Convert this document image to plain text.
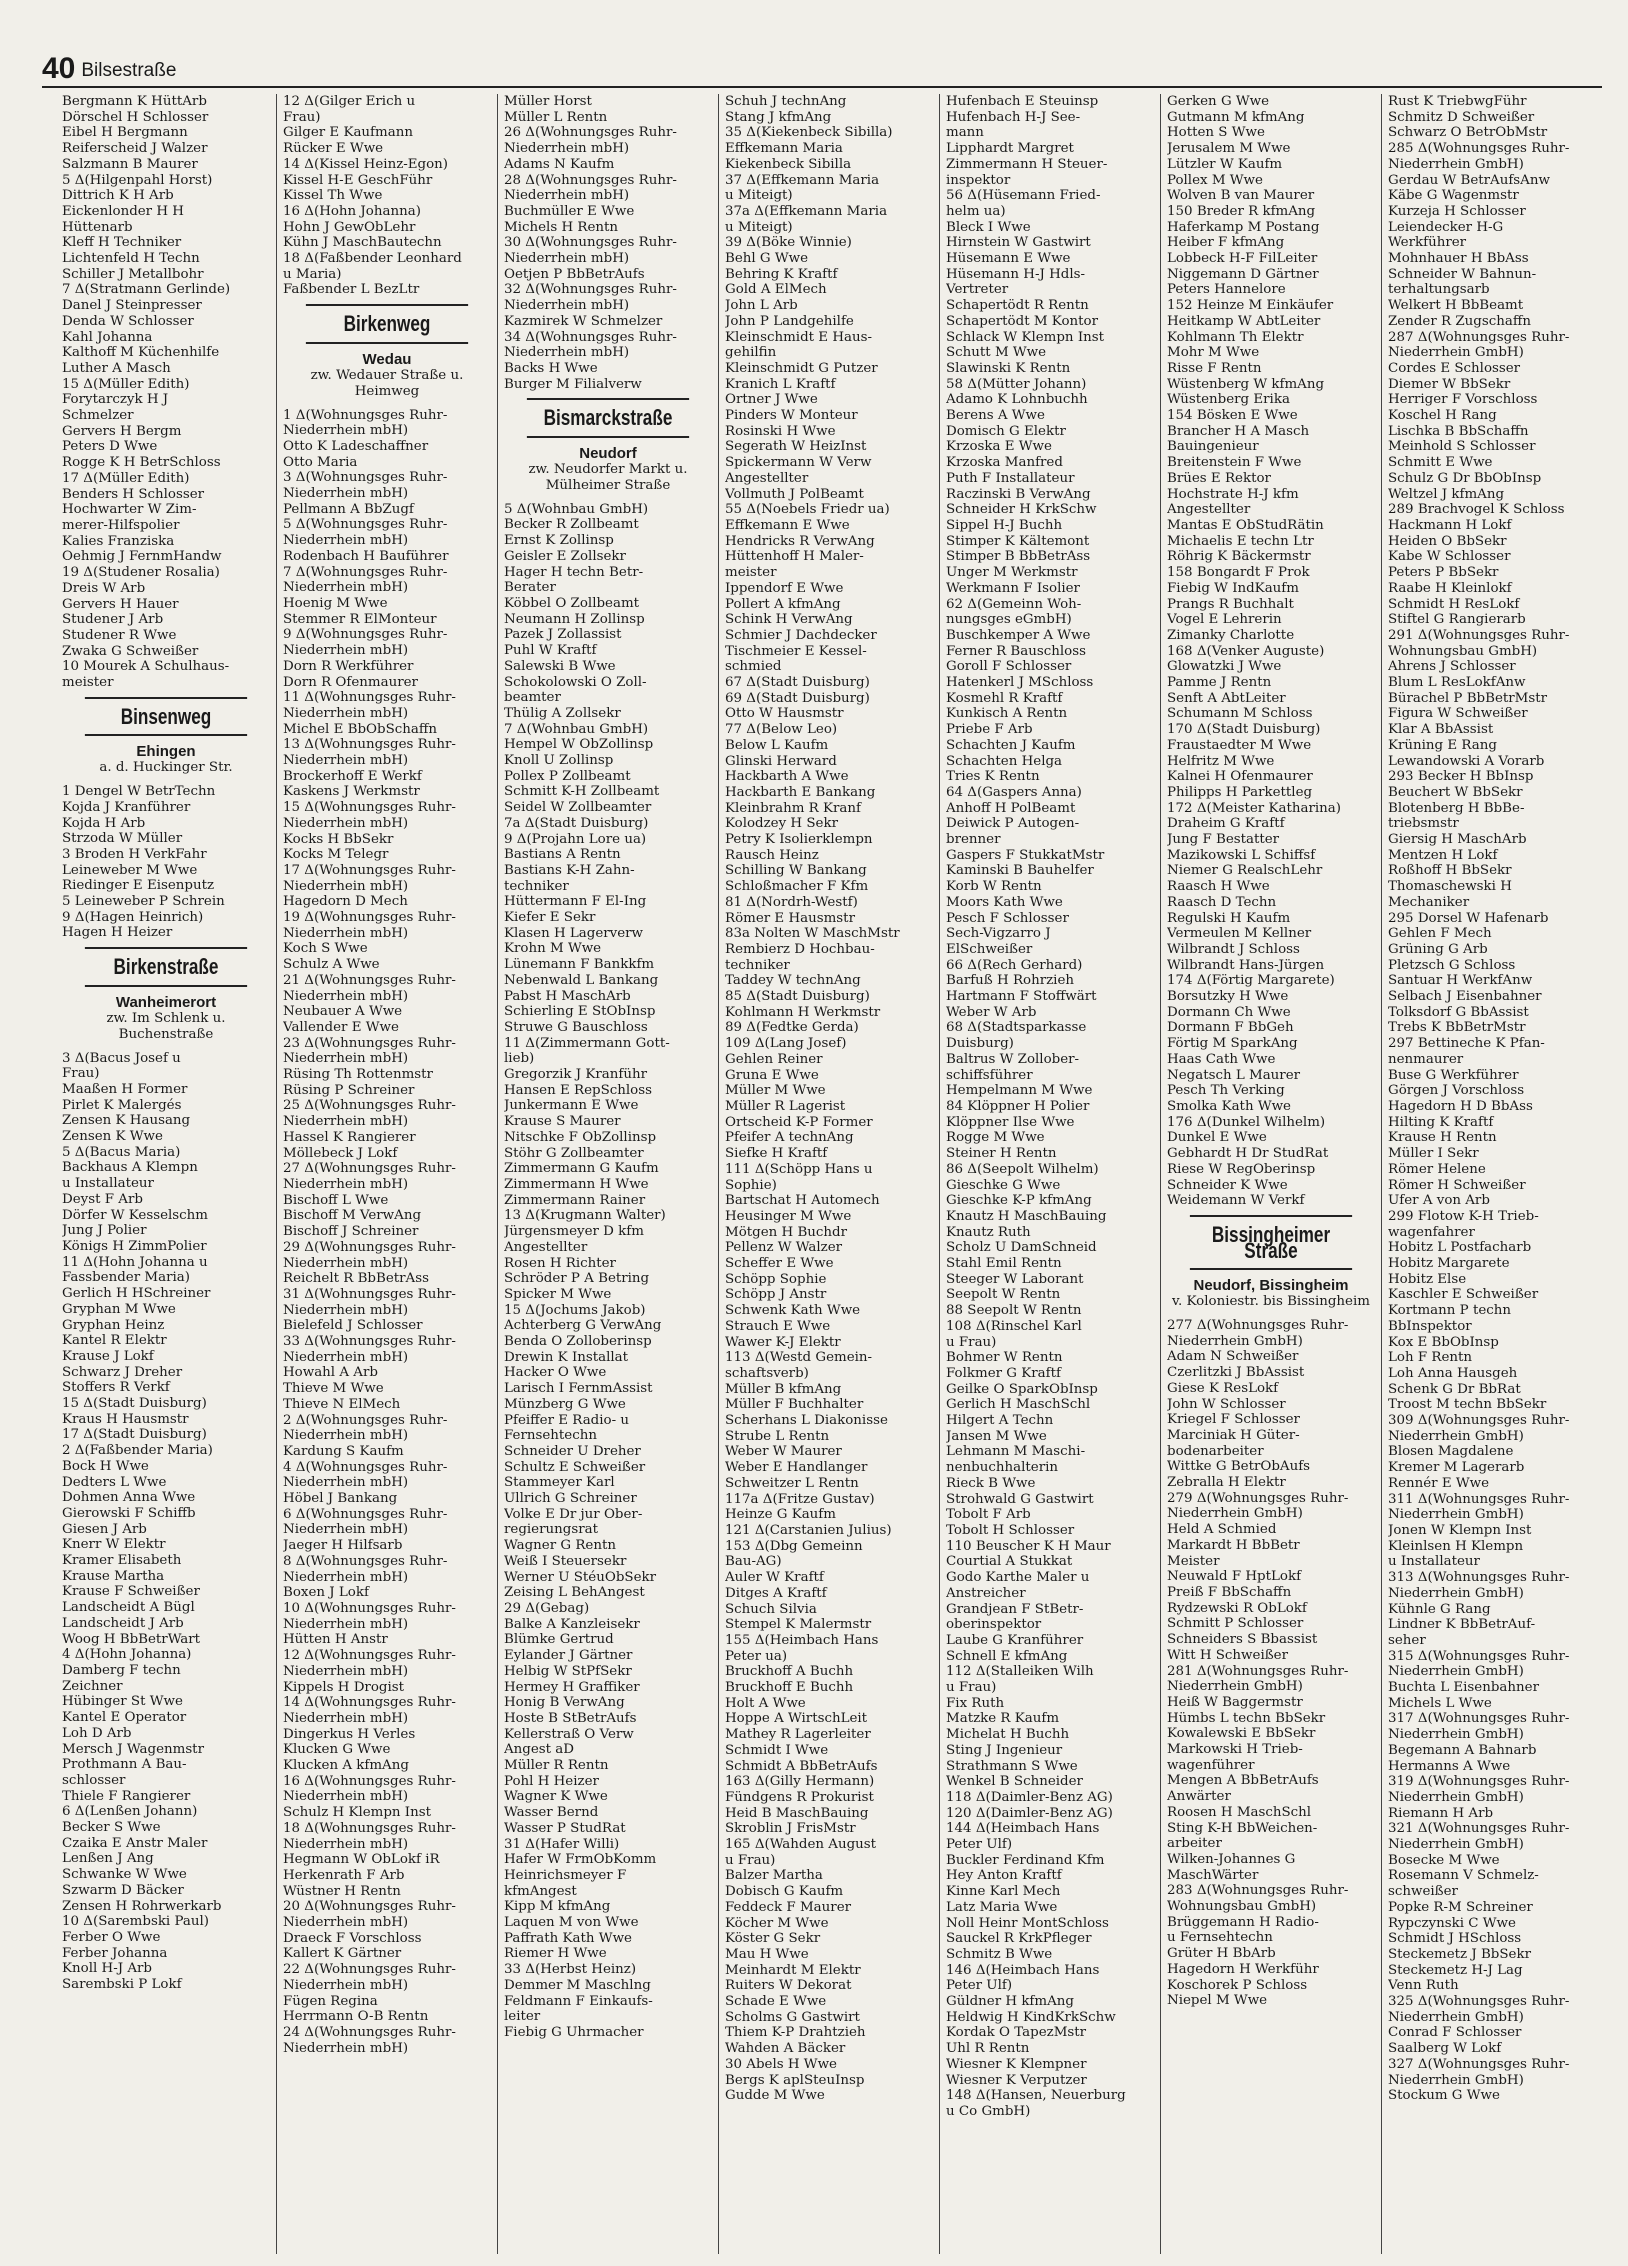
40 Bilsestraße
Bergmann K HüttArb
Dörschel H Schlosser
Eibel H Bergmann
Reiferscheid J Walzer
Salzmann B Maurer
5 Δ(Hilgenpahl Horst)
Dittrich K H Arb
Eickenlonder H H
Hüttenarb
Kleff H Techniker
Lichtenfeld H Techn
Schiller J Metallbohr
7 Δ(Stratmann Gerlinde)
Danel J Steinpresser
Denda W Schlosser
Kahl Johanna
Kalthoff M Küchenhilfe
Luther A Masch
15 Δ(Müller Edith)
Forytarczyk H J
Schmelzer
Gervers H Bergm
Peters D Wwe
Rogge K H BetrSchloss
17 Δ(Müller Edith)
Benders H Schlosser
Hochwarter W Zim-
merer-Hilfspolier
Kalies Franziska
Oehmig J FernmHandw
19 Δ(Studener Rosalia)
Dreis W Arb
Gervers H Hauer
Studener J Arb
Studener R Wwe
Zwaka G Schweißer
10 Mourek A Schulhaus-
meister
Binsenweg
Ehingen
a. d. Huckinger Str.
1 Dengel W BetrTechn
Kojda J Kranführer
Kojda H Arb
Strzoda W Müller
3 Broden H VerkFahr
Leineweber M Wwe
Riedinger E Eisenputz
5 Leineweber P Schrein
9 Δ(Hagen Heinrich)
Hagen H Heizer
Birkenstraße
Wanheimerort
zw. Im Schlenk u. Buchenstraße
3 Δ(Bacus Josef u
Frau)
Maaßen H Former
Pirlet K Malergés
Zensen K Hausang
Zensen K Wwe
5 Δ(Bacus Maria)
Backhaus A Klempn
u Installateur
Deyst F Arb
Dörfer W Kesselschm
Jung J Polier
Königs H ZimmPolier
11 Δ(Hohn Johanna u
Fassbender Maria)
Gerlich H HSchreiner
Gryphan M Wwe
Gryphan Heinz
Kantel R Elektr
Krause J Lokf
Schwarz J Dreher
Stoffers R Verkf
15 Δ(Stadt Duisburg)
Kraus H Hausmstr
17 Δ(Stadt Duisburg)
2 Δ(Faßbender Maria)
Bock H Wwe
Dedters L Wwe
Dohmen Anna Wwe
Gierowski F Schiffb
Giesen J Arb
Knerr W Elektr
Kramer Elisabeth
Krause Martha
Krause F Schweißer
Landscheidt A Bügl
Landscheidt J Arb
Woog H BbBetrWart
4 Δ(Hohn Johanna)
Damberg F techn
Zeichner
Hübinger St Wwe
Kantel E Operator
Loh D Arb
Mersch J Wagenmstr
Prothmann A Bau-
schlosser
Thiele F Rangierer
6 Δ(Lenßen Johann)
Becker S Wwe
Czaika E Anstr Maler
Lenßen J Ang
Schwanke W Wwe
Szwarm D Bäcker
Zensen H Rohrwerkarb
10 Δ(Sarembski Paul)
Ferber O Wwe
Ferber Johanna
Knoll H-J Arb
Sarembski P Lokf
12 Δ(Gilger Erich u
Frau)
Gilger E Kaufmann
Rücker E Wwe
14 Δ(Kissel Heinz-Egon)
Kissel H-E GeschFühr
Kissel Th Wwe
16 Δ(Hohn Johanna)
Hohn J GewObLehr
Kühn J MaschBautechn
18 Δ(Faßbender Leonhard
u Maria)
Faßbender L BezLtr
Birkenweg
Wedau
zw. Wedauer Straße u. Heimweg
1 Δ(Wohnungsges Ruhr-
Niederrhein mbH)
Otto K Ladeschaffner
Otto Maria
3 Δ(Wohnungsges Ruhr-
Niederrhein mbH)
Pellmann A BbZugf
5 Δ(Wohnungsges Ruhr-
Niederrhein mbH)
Rodenbach H Bauführer
7 Δ(Wohnungsges Ruhr-
Niederrhein mbH)
Hoenig M Wwe
Stemmer R ElMonteur
9 Δ(Wohnungsges Ruhr-
Niederrhein mbH)
Dorn R Werkführer
Dorn R Ofenmaurer
11 Δ(Wohnungsges Ruhr-
Niederrhein mbH)
Michel E BbObSchaffn
13 Δ(Wohnungsges Ruhr-
Niederrhein mbH)
Brockerhoff E Werkf
Kaskens J Werkmstr
15 Δ(Wohnungsges Ruhr-
Niederrhein mbH)
Kocks H BbSekr
Kocks M Telegr
17 Δ(Wohnungsges Ruhr-
Niederrhein mbH)
Hagedorn D Mech
19 Δ(Wohnungsges Ruhr-
Niederrhein mbH)
Koch S Wwe
Schulz A Wwe
21 Δ(Wohnungsges Ruhr-
Niederrhein mbH)
Neubauer A Wwe
Vallender E Wwe
23 Δ(Wohnungsges Ruhr-
Niederrhein mbH)
Rüsing Th Rottenmstr
Rüsing P Schreiner
25 Δ(Wohnungsges Ruhr-
Niederrhein mbH)
Hassel K Rangierer
Möllebeck J Lokf
27 Δ(Wohnungsges Ruhr-
Niederrhein mbH)
Bischoff L Wwe
Bischoff M VerwAng
Bischoff J Schreiner
29 Δ(Wohnungsges Ruhr-
Niederrhein mbH)
Reichelt R BbBetrAss
31 Δ(Wohnungsges Ruhr-
Niederrhein mbH)
Bielefeld J Schlosser
33 Δ(Wohnungsges Ruhr-
Niederrhein mbH)
Howahl A Arb
Thieve M Wwe
Thieve N ElMech
2 Δ(Wohnungsges Ruhr-
Niederrhein mbH)
Kardung S Kaufm
4 Δ(Wohnungsges Ruhr-
Niederrhein mbH)
Höbel J Bankang
6 Δ(Wohnungsges Ruhr-
Niederrhein mbH)
Jaeger H Hilfsarb
8 Δ(Wohnungsges Ruhr-
Niederrhein mbH)
Boxen J Lokf
10 Δ(Wohnungsges Ruhr-
Niederrhein mbH)
Hütten H Anstr
12 Δ(Wohnungsges Ruhr-
Niederrhein mbH)
Kippels H Drogist
14 Δ(Wohnungsges Ruhr-
Niederrhein mbH)
Dingerkus H Verles
Klucken G Wwe
Klucken A kfmAng
16 Δ(Wohnungsges Ruhr-
Niederrhein mbH)
Schulz H Klempn Inst
18 Δ(Wohnungsges Ruhr-
Niederrhein mbH)
Hegmann W ObLokf iR
Herkenrath F Arb
Wüstner H Rentn
20 Δ(Wohnungsges Ruhr-
Niederrhein mbH)
Draeck F Vorschloss
Kallert K Gärtner
22 Δ(Wohnungsges Ruhr-
Niederrhein mbH)
Fügen Regina
Herrmann O-B Rentn
24 Δ(Wohnungsges Ruhr-
Niederrhein mbH)
Müller Horst
Müller L Rentn
26 Δ(Wohnungsges Ruhr-
Niederrhein mbH)
Adams N Kaufm
28 Δ(Wohnungsges Ruhr-
Niederrhein mbH)
Buchmüller E Wwe
Michels H Rentn
30 Δ(Wohnungsges Ruhr-
Niederrhein mbH)
Oetjen P BbBetrAufs
32 Δ(Wohnungsges Ruhr-
Niederrhein mbH)
Kazmirek W Schmelzer
34 Δ(Wohnungsges Ruhr-
Niederrhein mbH)
Backs H Wwe
Burger M Filialverw
Bismarckstraße
Neudorf
zw. Neudorfer Markt u. Mülheimer Straße
5 Δ(Wohnbau GmbH)
Becker R Zollbeamt
Ernst K Zollinsp
Geisler E Zollsekr
Hager H techn Betr-
Berater
Köbbel O Zollbeamt
Neumann H Zollinsp
Pazek J Zollassist
Puhl W Kraftf
Salewski B Wwe
Schokolowski O Zoll-
beamter
Thülig A Zollsekr
7 Δ(Wohnbau GmbH)
Hempel W ObZollinsp
Knoll U Zollinsp
Pollex P Zollbeamt
Schmitt K-H Zollbeamt
Seidel W Zollbeamter
7a Δ(Stadt Duisburg)
9 Δ(Projahn Lore ua)
Bastians A Rentn
Bastians K-H Zahn-
techniker
Hüttermann F El-Ing
Kiefer E Sekr
Klasen H Lagerverw
Krohn M Wwe
Lünemann F Bankkfm
Nebenwald L Bankang
Pabst H MaschArb
Schierling E StObInsp
Struwe G Bauschloss
11 Δ(Zimmermann Gott-
lieb)
Gregorzik J Kranführ
Hansen E RepSchloss
Junkermann E Wwe
Krause S Maurer
Nitschke F ObZollinsp
Stöhr G Zollbeamter
Zimmermann G Kaufm
Zimmermann H Wwe
Zimmermann Rainer
13 Δ(Krugmann Walter)
Jürgensmeyer D kfm
Angestellter
Rosen H Richter
Schröder P A Betring
Spicker M Wwe
15 Δ(Jochums Jakob)
Achterberg G VerwAng
Benda O Zolloberinsp
Drewin K Installat
Hacker O Wwe
Larisch I FernmAssist
Münzberg G Wwe
Pfeiffer E Radio- u
Fernsehtechn
Schneider U Dreher
Schultz E Schweißer
Stammeyer Karl
Ullrich G Schreiner
Volke E Dr jur Ober-
regierungsrat
Wagner G Rentn
Weiß I Steuersekr
Werner U StéuObSekr
Zeising L BehAngest
29 Δ(Gebag)
Balke A Kanzleisekr
Blümke Gertrud
Eylander J Gärtner
Helbig W StPfSekr
Hermey H Graffiker
Honig B VerwAng
Hoste B StBetrAufs
Kellerstraß O Verw
Angest aD
Müller R Rentn
Pohl H Heizer
Wagner K Wwe
Wasser Bernd
Wasser P StudRat
31 Δ(Hafer Willi)
Hafer W FrmObKomm
Heinrichsmeyer F
kfmAngest
Kipp M kfmAng
Laquen M von Wwe
Paffrath Kath Wwe
Riemer H Wwe
33 Δ(Herbst Heinz)
Demmer M Maschlng
Feldmann F Einkaufs-
leiter
Fiebig G Uhrmacher
Schuh J technAng
Stang J kfmAng
35 Δ(Kiekenbeck Sibilla)
Effkemann Maria
Kiekenbeck Sibilla
37 Δ(Effkemann Maria
u Miteigt)
37a Δ(Effkemann Maria
u Miteigt)
39 Δ(Böke Winnie)
Behl G Wwe
Behring K Kraftf
Gold A ElMech
John L Arb
John P Landgehilfe
Kleinschmidt E Haus-
gehilfin
Kleinschmidt G Putzer
Kranich L Kraftf
Ortner J Wwe
Pinders W Monteur
Rosinski H Wwe
Segerath W HeizInst
Spickermann W Verw
Angestellter
Vollmuth J PolBeamt
55 Δ(Noebels Friedr ua)
Effkemann E Wwe
Hendricks R VerwAng
Hüttenhoff H Maler-
meister
Ippendorf E Wwe
Pollert A kfmAng
Schink H VerwAng
Schmier J Dachdecker
Tischmeier E Kessel-
schmied
67 Δ(Stadt Duisburg)
69 Δ(Stadt Duisburg)
Otto W Hausmstr
77 Δ(Below Leo)
Below L Kaufm
Glinski Herward
Hackbarth A Wwe
Hackbarth E Bankang
Kleinbrahm R Kranf
Kolodzey H Sekr
Petry K Isolierklempn
Rausch Heinz
Schilling W Bankang
Schloßmacher F Kfm
81 Δ(Nordrh-Westf)
Römer E Hausmstr
83a Nolten W MaschMstr
Rembierz D Hochbau-
techniker
Taddey W technAng
85 Δ(Stadt Duisburg)
Kohlmann H Werkmstr
89 Δ(Fedtke Gerda)
109 Δ(Lang Josef)
Gehlen Reiner
Gruna E Wwe
Müller M Wwe
Müller R Lagerist
Ortscheid K-P Former
Pfeifer A technAng
Siefke H Kraftf
111 Δ(Schöpp Hans u
Sophie)
Bartschat H Automech
Heusinger M Wwe
Mötgen H Buchdr
Pellenz W Walzer
Scheffer E Wwe
Schöpp Sophie
Schöpp J Anstr
Schwenk Kath Wwe
Strauch E Wwe
Wawer K-J Elektr
113 Δ(Westd Gemein-
schaftsverb)
Müller B kfmAng
Müller F Buchhalter
Scherhans L Diakonisse
Strube L Rentn
Weber W Maurer
Weber E Handlanger
Schweitzer L Rentn
117a Δ(Fritze Gustav)
Heinze G Kaufm
121 Δ(Carstanien Julius)
153 Δ(Dbg Gemeinn
Bau-AG)
Auler W Kraftf
Ditges A Kraftf
Schuch Silvia
Stempel K Malermstr
155 Δ(Heimbach Hans
Peter ua)
Bruckhoff A Buchh
Bruckhoff E Buchh
Holt A Wwe
Hoppe A WirtschLeit
Mathey R Lagerleiter
Schmidt I Wwe
Schmidt A BbBetrAufs
163 Δ(Gilly Hermann)
Fündgens R Prokurist
Heid B MaschBauing
Skroblin J FrisMstr
165 Δ(Wahden August
u Frau)
Balzer Martha
Dobisch G Kaufm
Feddeck F Maurer
Köcher M Wwe
Köster G Sekr
Mau H Wwe
Meinhardt M Elektr
Ruiters W Dekorat
Schade E Wwe
Scholms G Gastwirt
Thiem K-P Drahtzieh
Wahden A Bäcker
30 Abels H Wwe
Bergs K aplSteuInsp
Gudde M Wwe
Hufenbach E Steuinsp
Hufenbach H-J See-
mann
Lipphardt Margret
Zimmermann H Steuer-
inspektor
56 Δ(Hüsemann Fried-
helm ua)
Bleck I Wwe
Hirnstein W Gastwirt
Hüsemann E Wwe
Hüsemann H-J Hdls-
Vertreter
Schapertödt R Rentn
Schapertödt M Kontor
Schlack W Klempn Inst
Schutt M Wwe
Slawinski K Rentn
58 Δ(Mütter Johann)
Adamo K Lohnbuchh
Berens A Wwe
Domisch G Elektr
Krzoska E Wwe
Krzoska Manfred
Puth F Installateur
Raczinski B VerwAng
Schneider H KrkSchw
Sippel H-J Buchh
Stimper K Kältemont
Stimper B BbBetrAss
Unger M Werkmstr
Werkmann F Isolier
62 Δ(Gemeinn Woh-
nungsges eGmbH)
Buschkemper A Wwe
Ferner R Bauschloss
Goroll F Schlosser
Hatenkerl J MSchloss
Kosmehl R Kraftf
Kunkisch A Rentn
Priebe F Arb
Schachten J Kaufm
Schachten Helga
Tries K Rentn
64 Δ(Gaspers Anna)
Anhoff H PolBeamt
Deiwick P Autogen-
brenner
Gaspers F StukkatMstr
Kaminski B Bauhelfer
Korb W Rentn
Moors Kath Wwe
Pesch F Schlosser
Sech-Vigzarro J
ElSchweißer
66 Δ(Rech Gerhard)
Barfuß H Rohrzieh
Hartmann F Stoffwärt
Weber W Arb
68 Δ(Stadtsparkasse
Duisburg)
Baltrus W Zollober-
schiffsführer
Hempelmann M Wwe
84 Klöppner H Polier
Klöppner Ilse Wwe
Rogge M Wwe
Steiner H Rentn
86 Δ(Seepolt Wilhelm)
Gieschke G Wwe
Gieschke K-P kfmAng
Knautz H MaschBauing
Knautz Ruth
Scholz U DamSchneid
Stahl Emil Rentn
Steeger W Laborant
Seepolt W Rentn
88 Seepolt W Rentn
108 Δ(Rinschel Karl
u Frau)
Bohmer W Rentn
Folkmer G Kraftf
Geilke O SparkObInsp
Gerlich H MaschSchl
Hilgert A Techn
Jansen M Wwe
Lehmann M Maschi-
nenbuchhalterin
Rieck B Wwe
Strohwald G Gastwirt
Tobolt F Arb
Tobolt H Schlosser
110 Beuscher K H Maur
Courtial A Stukkat
Godo Karthe Maler u
Anstreicher
Grandjean F StBetr-
oberinspektor
Laube G Kranführer
Schnell E kfmAng
112 Δ(Stalleiken Wilh
u Frau)
Fix Ruth
Matzke R Kaufm
Michelat H Buchh
Sting J Ingenieur
Strathmann S Wwe
Wenkel B Schneider
118 Δ(Daimler-Benz AG)
120 Δ(Daimler-Benz AG)
144 Δ(Heimbach Hans
Peter Ulf)
Buckler Ferdinand Kfm
Hey Anton Kraftf
Kinne Karl Mech
Latz Maria Wwe
Noll Heinr MontSchloss
Sauckel R KrkPfleger
Schmitz B Wwe
146 Δ(Heimbach Hans
Peter Ulf)
Güldner H kfmAng
Heldwig H KindKrkSchw
Kordak O TapezMstr
Uhl R Rentn
Wiesner K Klempner
Wiesner K Verputzer
148 Δ(Hansen, Neuerburg
u Co GmbH)
Gerken G Wwe
Gutmann M kfmAng
Hotten S Wwe
Jerusalem M Wwe
Lützler W Kaufm
Pollex M Wwe
Wolven B van Maurer
150 Breder R kfmAng
Haferkamp M Postang
Heiber F kfmAng
Lobbeck H-F FilLeiter
Niggemann D Gärtner
Peters Hannelore
152 Heinze M Einkäufer
Heitkamp W AbtLeiter
Kohlmann Th Elektr
Mohr M Wwe
Risse F Rentn
Wüstenberg W kfmAng
Wüstenberg Erika
154 Bösken E Wwe
Brancher H A Masch
Bauingenieur
Breitenstein F Wwe
Brües E Rektor
Hochstrate H-J kfm
Angestellter
Mantas E ObStudRätin
Michaelis E techn Ltr
Röhrig K Bäckermstr
158 Bongardt F Prok
Fiebig W IndKaufm
Prangs R Buchhalt
Vogel E Lehrerin
Zimanky Charlotte
168 Δ(Venker Auguste)
Glowatzki J Wwe
Pamme J Rentn
Senft A AbtLeiter
Schumann M Schloss
170 Δ(Stadt Duisburg)
Fraustaedter M Wwe
Helfritz M Wwe
Kalnei H Ofenmaurer
Philipps H Parkettleg
172 Δ(Meister Katharina)
Draheim G Kraftf
Jung F Bestatter
Mazikowski L Schiffsf
Niemer G RealschLehr
Raasch H Wwe
Raasch D Techn
Regulski H Kaufm
Vermeulen M Kellner
Wilbrandt J Schloss
Wilbrandt Hans-Jürgen
174 Δ(Förtig Margarete)
Borsutzky H Wwe
Dormann Ch Wwe
Dormann F BbGeh
Förtig M SparkAng
Haas Cath Wwe
Negatsch L Maurer
Pesch Th Verking
Smolka Kath Wwe
176 Δ(Dunkel Wilhelm)
Dunkel E Wwe
Gebhardt H Dr StudRat
Riese W RegOberinsp
Schneider K Wwe
Weidemann W Verkf
Bissingheimer Straße
Neudorf, Bissingheim
v. Koloniestr. bis Bissingheim
277 Δ(Wohnungsges Ruhr-
Niederrhein GmbH)
Adam N Schweißer
Czerlitzki J BbAssist
Giese K ResLokf
John W Schlosser
Kriegel F Schlosser
Marciniak H Güter-
bodenarbeiter
Wittke G BetrObAufs
Zebralla H Elektr
279 Δ(Wohnungsges Ruhr-
Niederrhein GmbH)
Held A Schmied
Markardt H BbBetr
Meister
Neuwald F HptLokf
Preiß F BbSchaffn
Rydzewski R ObLokf
Schmitt P Schlosser
Schneiders S Bbassist
Witt H Schweißer
281 Δ(Wohnungsges Ruhr-
Niederrhein GmbH)
Heiß W Baggermstr
Hümbs L techn BbSekr
Kowalewski E BbSekr
Markowski H Trieb-
wagenführer
Mengen A BbBetrAufs
Anwärter
Roosen H MaschSchl
Sting K-H BbWeichen-
arbeiter
Wilken-Johannes G
MaschWärter
283 Δ(Wohnungsges Ruhr-
Wohnungsbau GmbH)
Brüggemann H Radio-
u Fernsehtechn
Grüter H BbArb
Hagedorn H Werkführ
Koschorek P Schloss
Niepel M Wwe
Rust K TriebwgFühr
Schmitz D Schweißer
Schwarz O BetrObMstr
285 Δ(Wohnungsges Ruhr-
Niederrhein GmbH)
Gerdau W BetrAufsAnw
Käbe G Wagenmstr
Kurzeja H Schlosser
Leiendecker H-G
Werkführer
Mohnhauer H BbAss
Schneider W Bahnun-
terhaltungsarb
Welkert H BbBeamt
Zender R Zugschaffn
287 Δ(Wohnungsges Ruhr-
Niederrhein GmbH)
Cordes E Schlosser
Diemer W BbSekr
Herriger F Vorschloss
Koschel H Rang
Lischka B BbSchaffn
Meinhold S Schlosser
Schmitt E Wwe
Schulz G Dr BbObInsp
Weltzel J kfmAng
289 Brachvogel K Schloss
Hackmann H Lokf
Heiden O BbSekr
Kabe W Schlosser
Peters P BbSekr
Raabe H Kleinlokf
Schmidt H ResLokf
Stiftel G Rangierarb
291 Δ(Wohnungsges Ruhr-
Wohnungsbau GmbH)
Ahrens J Schlosser
Blum L ResLokfAnw
Bürachel P BbBetrMstr
Figura W Schweißer
Klar A BbAssist
Krüning E Rang
Lewandowski A Vorarb
293 Becker H BbInsp
Beuchert W BbSekr
Blotenberg H BbBe-
triebsmstr
Giersig H MaschArb
Mentzen H Lokf
Roßhoff H BbSekr
Thomaschewski H
Mechaniker
295 Dorsel W Hafenarb
Gehlen F Mech
Grüning G Arb
Pletzsch G Schloss
Santuar H WerkfAnw
Selbach J Eisenbahner
Tolksdorf G BbAssist
Trebs K BbBetrMstr
297 Bettineche K Pfan-
nenmaurer
Buse G Werkführer
Görgen J Vorschloss
Hagedorn H D BbAss
Hilting K Kraftf
Krause H Rentn
Müller I Sekr
Römer Helene
Römer H Schweißer
Ufer A von Arb
299 Flotow K-H Trieb-
wagenfahrer
Hobitz L Postfacharb
Hobitz Margarete
Hobitz Else
Kaschler E Schweißer
Kortmann P techn
BbInspektor
Kox E BbObInsp
Loh F Rentn
Loh Anna Hausgeh
Schenk G Dr BbRat
Troost M techn BbSekr
309 Δ(Wohnungsges Ruhr-
Niederrhein GmbH)
Blosen Magdalene
Kremer M Lagerarb
Rennér E Wwe
311 Δ(Wohnungsges Ruhr-
Niederrhein GmbH)
Jonen W Klempn Inst
Kleinlsen H Klempn
u Installateur
313 Δ(Wohnungsges Ruhr-
Niederrhein GmbH)
Kühnle G Rang
Lindner K BbBetrAuf-
seher
315 Δ(Wohnungsges Ruhr-
Niederrhein GmbH)
Buchta L Eisenbahner
Michels L Wwe
317 Δ(Wohnungsges Ruhr-
Niederrhein GmbH)
Begemann A Bahnarb
Hermanns A Wwe
319 Δ(Wohnungsges Ruhr-
Niederrhein GmbH)
Riemann H Arb
321 Δ(Wohnungsges Ruhr-
Niederrhein GmbH)
Bosecke M Wwe
Rosemann V Schmelz-
schweißer
Popke R-M Schreiner
Rypczynski C Wwe
Schmidt J HSchloss
Steckemetz J BbSekr
Steckemetz H-J Lag
Venn Ruth
325 Δ(Wohnungsges Ruhr-
Niederrhein GmbH)
Conrad F Schlosser
Saalberg W Lokf
327 Δ(Wohnungsges Ruhr-
Niederrhein GmbH)
Stockum G Wwe
